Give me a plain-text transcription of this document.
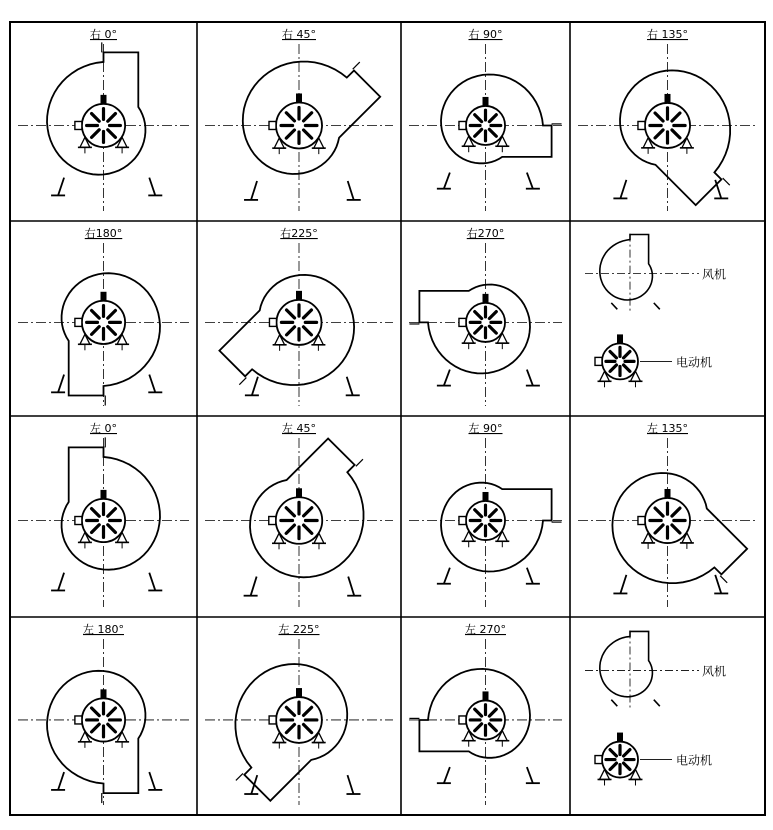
右 0°	右 45°	右 90°	右 135°
右180°	右225°	右270°
风机
电动机
左 0°	左 45°	左 90°	左 135°
左 180°	左 225°	左 270°
风机
电动机
